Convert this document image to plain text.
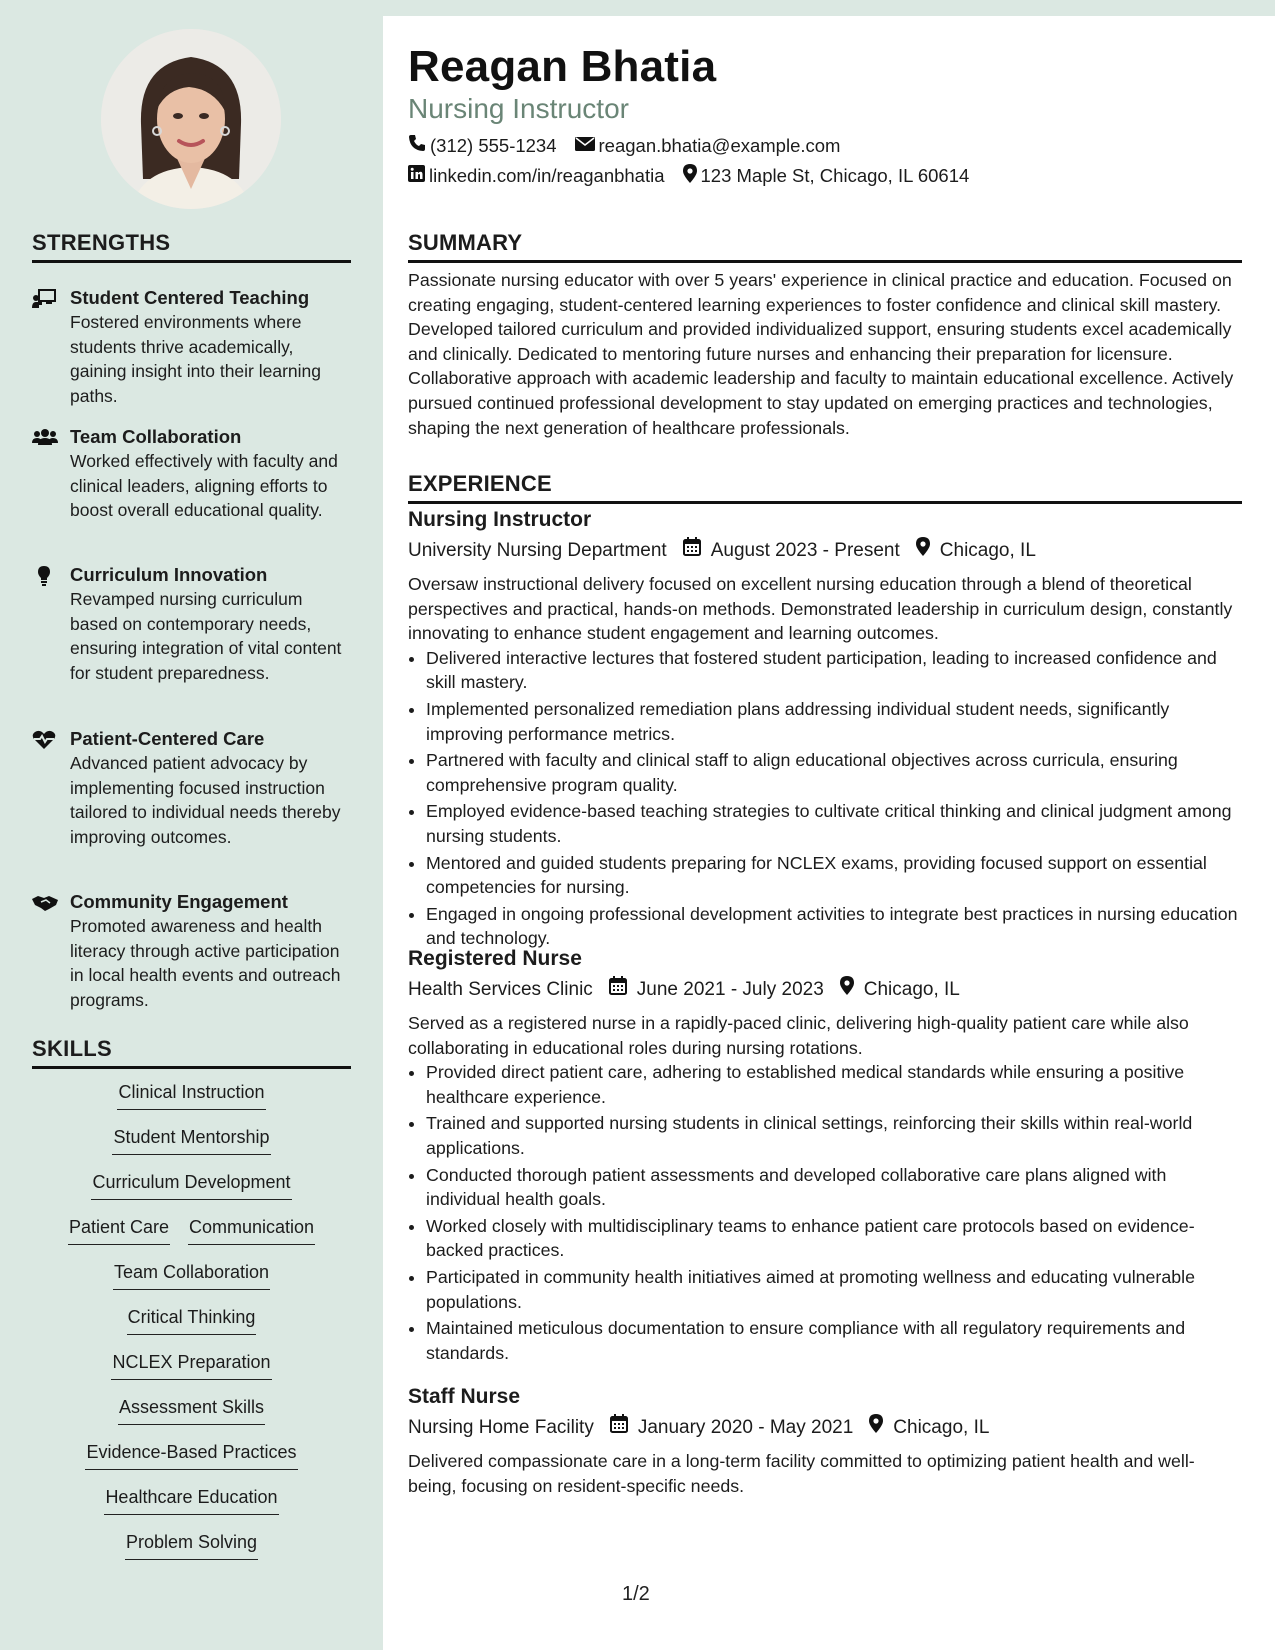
STRENGTHS
Student Centered Teaching
Fostered environments where students thrive academically, gaining insight into their learning paths.
Team Collaboration
Worked effectively with faculty and clinical leaders, aligning efforts to boost overall educational quality.
Curriculum Innovation
Revamped nursing curriculum based on contemporary needs, ensuring integration of vital content for student preparedness.
Patient-Centered Care
Advanced patient advocacy by implementing focused instruction tailored to individual needs thereby improving outcomes.
Community Engagement
Promoted awareness and health literacy through active participation in local health events and outreach programs.
SKILLS
Clinical Instruction
Student Mentorship
Curriculum Development
Patient Care Communication
Team Collaboration
Critical Thinking
NCLEX Preparation
Assessment Skills
Evidence-Based Practices
Healthcare Education
Problem Solving
Reagan Bhatia
Nursing Instructor
(312) 555-1234 reagan.bhatia@example.com
linkedin.com/in/reaganbhatia 123 Maple St, Chicago, IL 60614
SUMMARY
Passionate nursing educator with over 5 years' experience in clinical practice and education. Focused on creating engaging, student-centered learning experiences to foster confidence and clinical skill mastery. Developed tailored curriculum and provided individualized support, ensuring students excel academically and clinically. Dedicated to mentoring future nurses and enhancing their preparation for licensure. Collaborative approach with academic leadership and faculty to maintain educational excellence. Actively pursued continued professional development to stay updated on emerging practices and technologies, shaping the next generation of healthcare professionals.
EXPERIENCE
Nursing Instructor
University Nursing Department August 2023 - Present Chicago, IL
Oversaw instructional delivery focused on excellent nursing education through a blend of theoretical perspectives and practical, hands-on methods. Demonstrated leadership in curriculum design, constantly innovating to enhance student engagement and learning outcomes.
• Delivered interactive lectures that fostered student participation, leading to increased confidence and skill mastery.
• Implemented personalized remediation plans addressing individual student needs, significantly improving performance metrics.
• Partnered with faculty and clinical staff to align educational objectives across curricula, ensuring comprehensive program quality.
• Employed evidence-based teaching strategies to cultivate critical thinking and clinical judgment among nursing students.
• Mentored and guided students preparing for NCLEX exams, providing focused support on essential competencies for nursing.
• Engaged in ongoing professional development activities to integrate best practices in nursing education and technology.
Registered Nurse
Health Services Clinic June 2021 - July 2023 Chicago, IL
Served as a registered nurse in a rapidly-paced clinic, delivering high-quality patient care while also collaborating in educational roles during nursing rotations.
• Provided direct patient care, adhering to established medical standards while ensuring a positive healthcare experience.
• Trained and supported nursing students in clinical settings, reinforcing their skills within real-world applications.
• Conducted thorough patient assessments and developed collaborative care plans aligned with individual health goals.
• Worked closely with multidisciplinary teams to enhance patient care protocols based on evidence-backed practices.
• Participated in community health initiatives aimed at promoting wellness and educating vulnerable populations.
• Maintained meticulous documentation to ensure compliance with all regulatory requirements and standards.
Staff Nurse
Nursing Home Facility January 2020 - May 2021 Chicago, IL
Delivered compassionate care in a long-term facility committed to optimizing patient health and well-being, focusing on resident-specific needs.
1/2
